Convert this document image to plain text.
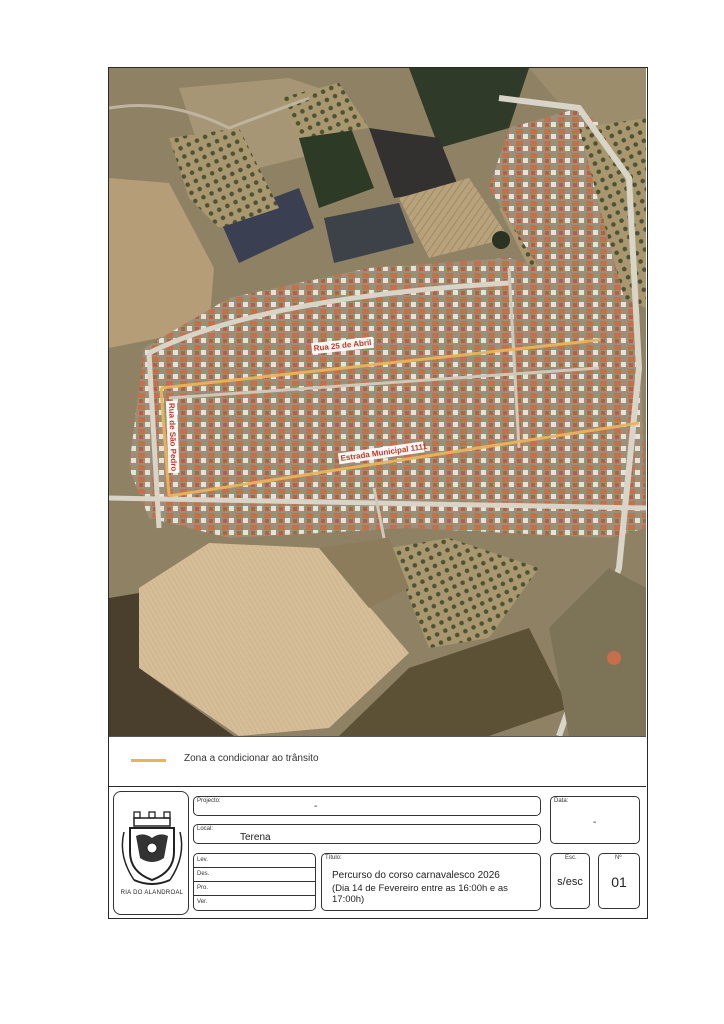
Rua 25 de Abril
Rua de São Pedro	Estrada Municipal 1111
Zona a condicionar ao trânsito
RIA DO ALANDROAL
Projecto:	-
Local:
Terena
Data:
-
Lev.
Des.
Pro.
Ver.
Título:
Percurso do corso carnavalesco 2026
(Dia 14 de Fevereiro entre as 16:00h e as 17:00h)
Esc.
s/esc
Nº
01
